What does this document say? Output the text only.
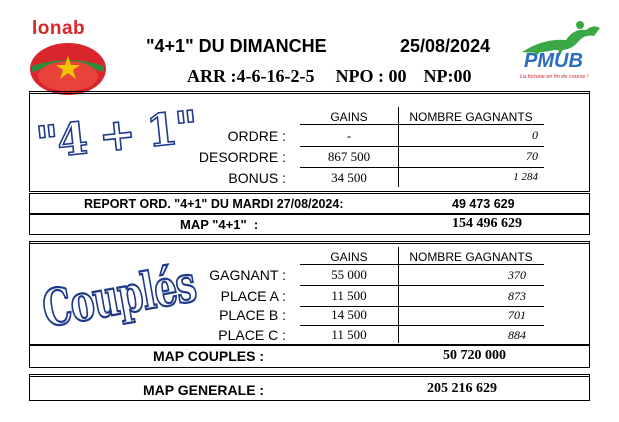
lonab
PMUB
La fortune en fin de course !
"4+1" DU DIMANCHE	25/08/2024
ARR :4-6-16-2-5 NPO : 00 NP:00
"4 + 1"	GAINS	NOMBRE GAGNANTS
ORDRE :	-	0
DESORDRE :	867 500	70
BONUS :	34 500	1 284
REPORT ORD. "4+1" DU MARDI 27/08/2024:	49 473 629
MAP "4+1"  :	154 496 629
Couplés	GAINS	NOMBRE GAGNANTS
GAGNANT :	55 000	370
PLACE A :	11 500	873
PLACE B :	14 500	701
PLACE C :	11 500	884
MAP COUPLES :	50 720 000
MAP GENERALE :	205 216 629
